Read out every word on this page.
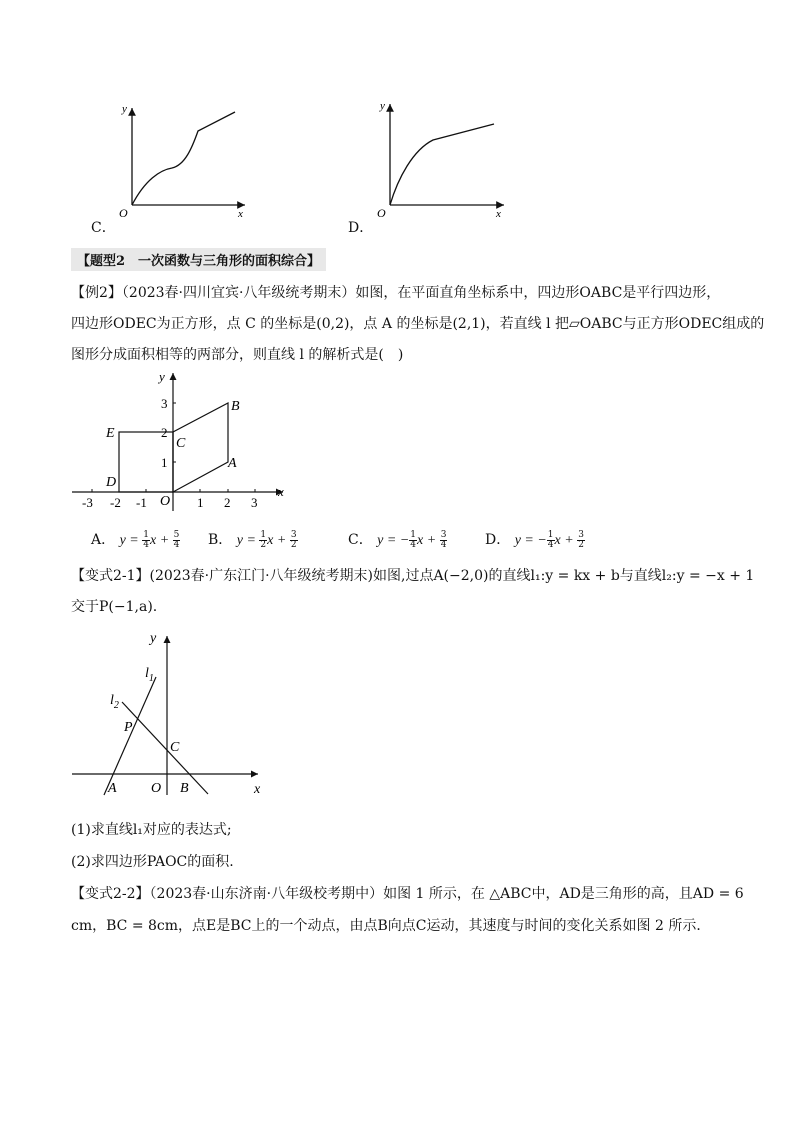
y
x
O
C．
y
x
O
D．
【题型2　一次函数与三角形的面积综合】
【例2】（2023春·四川宜宾·八年级统考期末）如图，在平面直角坐标系中，四边形OABC是平行四边形，
四边形ODEC为正方形，点 C 的坐标是(0,2)，点 A 的坐标是(2,1)，若直线 l 把▱OABC与正方形ODEC组成的
图形分成面积相等的两部分，则直线 l 的解析式是(　)
-3 -2 -1	1 2 3
1
2
3
y
x
O
E
D
C
B
A
A． $y = \frac{1}{4}$ $x + \frac{5}{4}$ B． $y = \frac{1}{2}$ $x + \frac{3}{2}$	C． y = − $\frac{1}{4}$ $x + \frac{3}{4}$	D． y = − $\frac{1}{4}$ $x + \frac{3}{2}$
【变式2-1】(2023春·广东江门·八年级统考期末)如图,过点A(−2,0)的直线l₁:y = kx + b与直线l₂:y = −x + 1
交于P(−1,a).
y
x
$l_1$
$l_2$
P
C
A O B
(1)求直线l₁对应的表达式;
(2)求四边形PAOC的面积.
【变式2-2】（2023春·山东济南·八年级校考期中）如图 1 所示，在 △ABC中，AD是三角形的高，且AD = 6
cm，BC = 8cm，点E是BC上的一个动点，由点B向点C运动，其速度与时间的变化关系如图 2 所示．
